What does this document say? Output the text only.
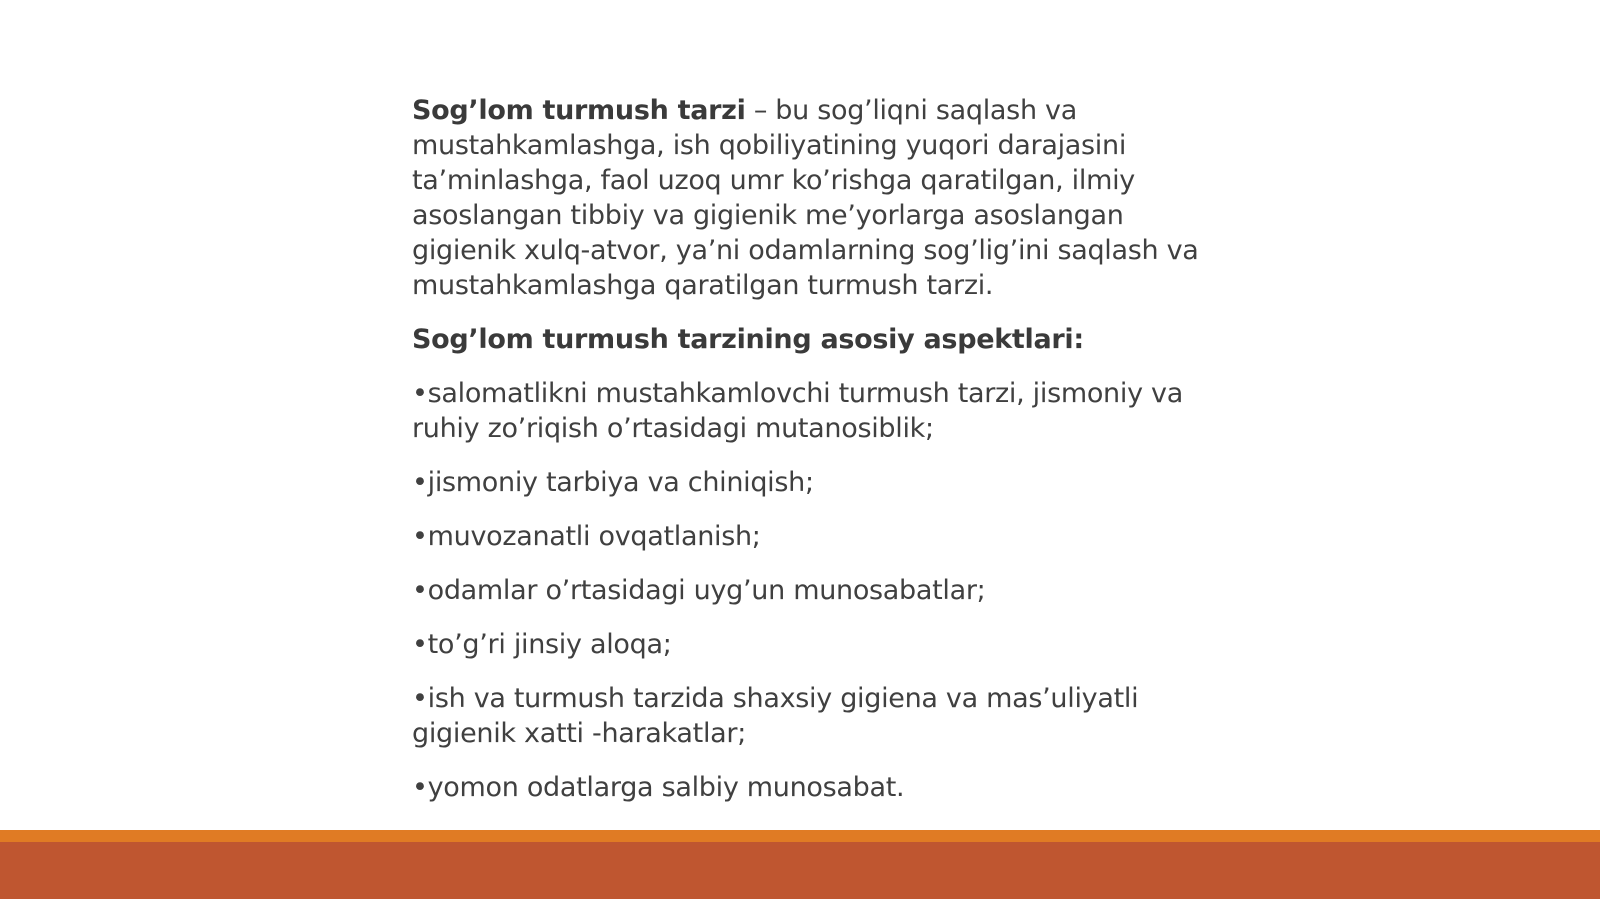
Sog’lom turmush tarzi – bu sog’liqni saqlash va mustahkamlashga, ish qobiliyatining yuqori darajasini ta’minlashga, faol uzoq umr ko’rishga qaratilgan, ilmiy asoslangan tibbiy va gigienik me’yorlarga asoslangan gigienik xulq-atvor, ya’ni odamlarning sog’lig’ini saqlash va mustahkamlashga qaratilgan turmush tarzi.

Sog’lom turmush tarzining asosiy aspektlari:

•salomatlikni mustahkamlovchi turmush tarzi, jismoniy va ruhiy zo’riqish o’rtasidagi mutanosiblik;
•jismoniy tarbiya va chiniqish;
•muvozanatli ovqatlanish;
•odamlar o’rtasidagi uyg’un munosabatlar;
•to’g’ri jinsiy aloqa;
•ish va turmush tarzida shaxsiy gigiena va mas’uliyatli gigienik xatti -harakatlar;
•yomon odatlarga salbiy munosabat.
